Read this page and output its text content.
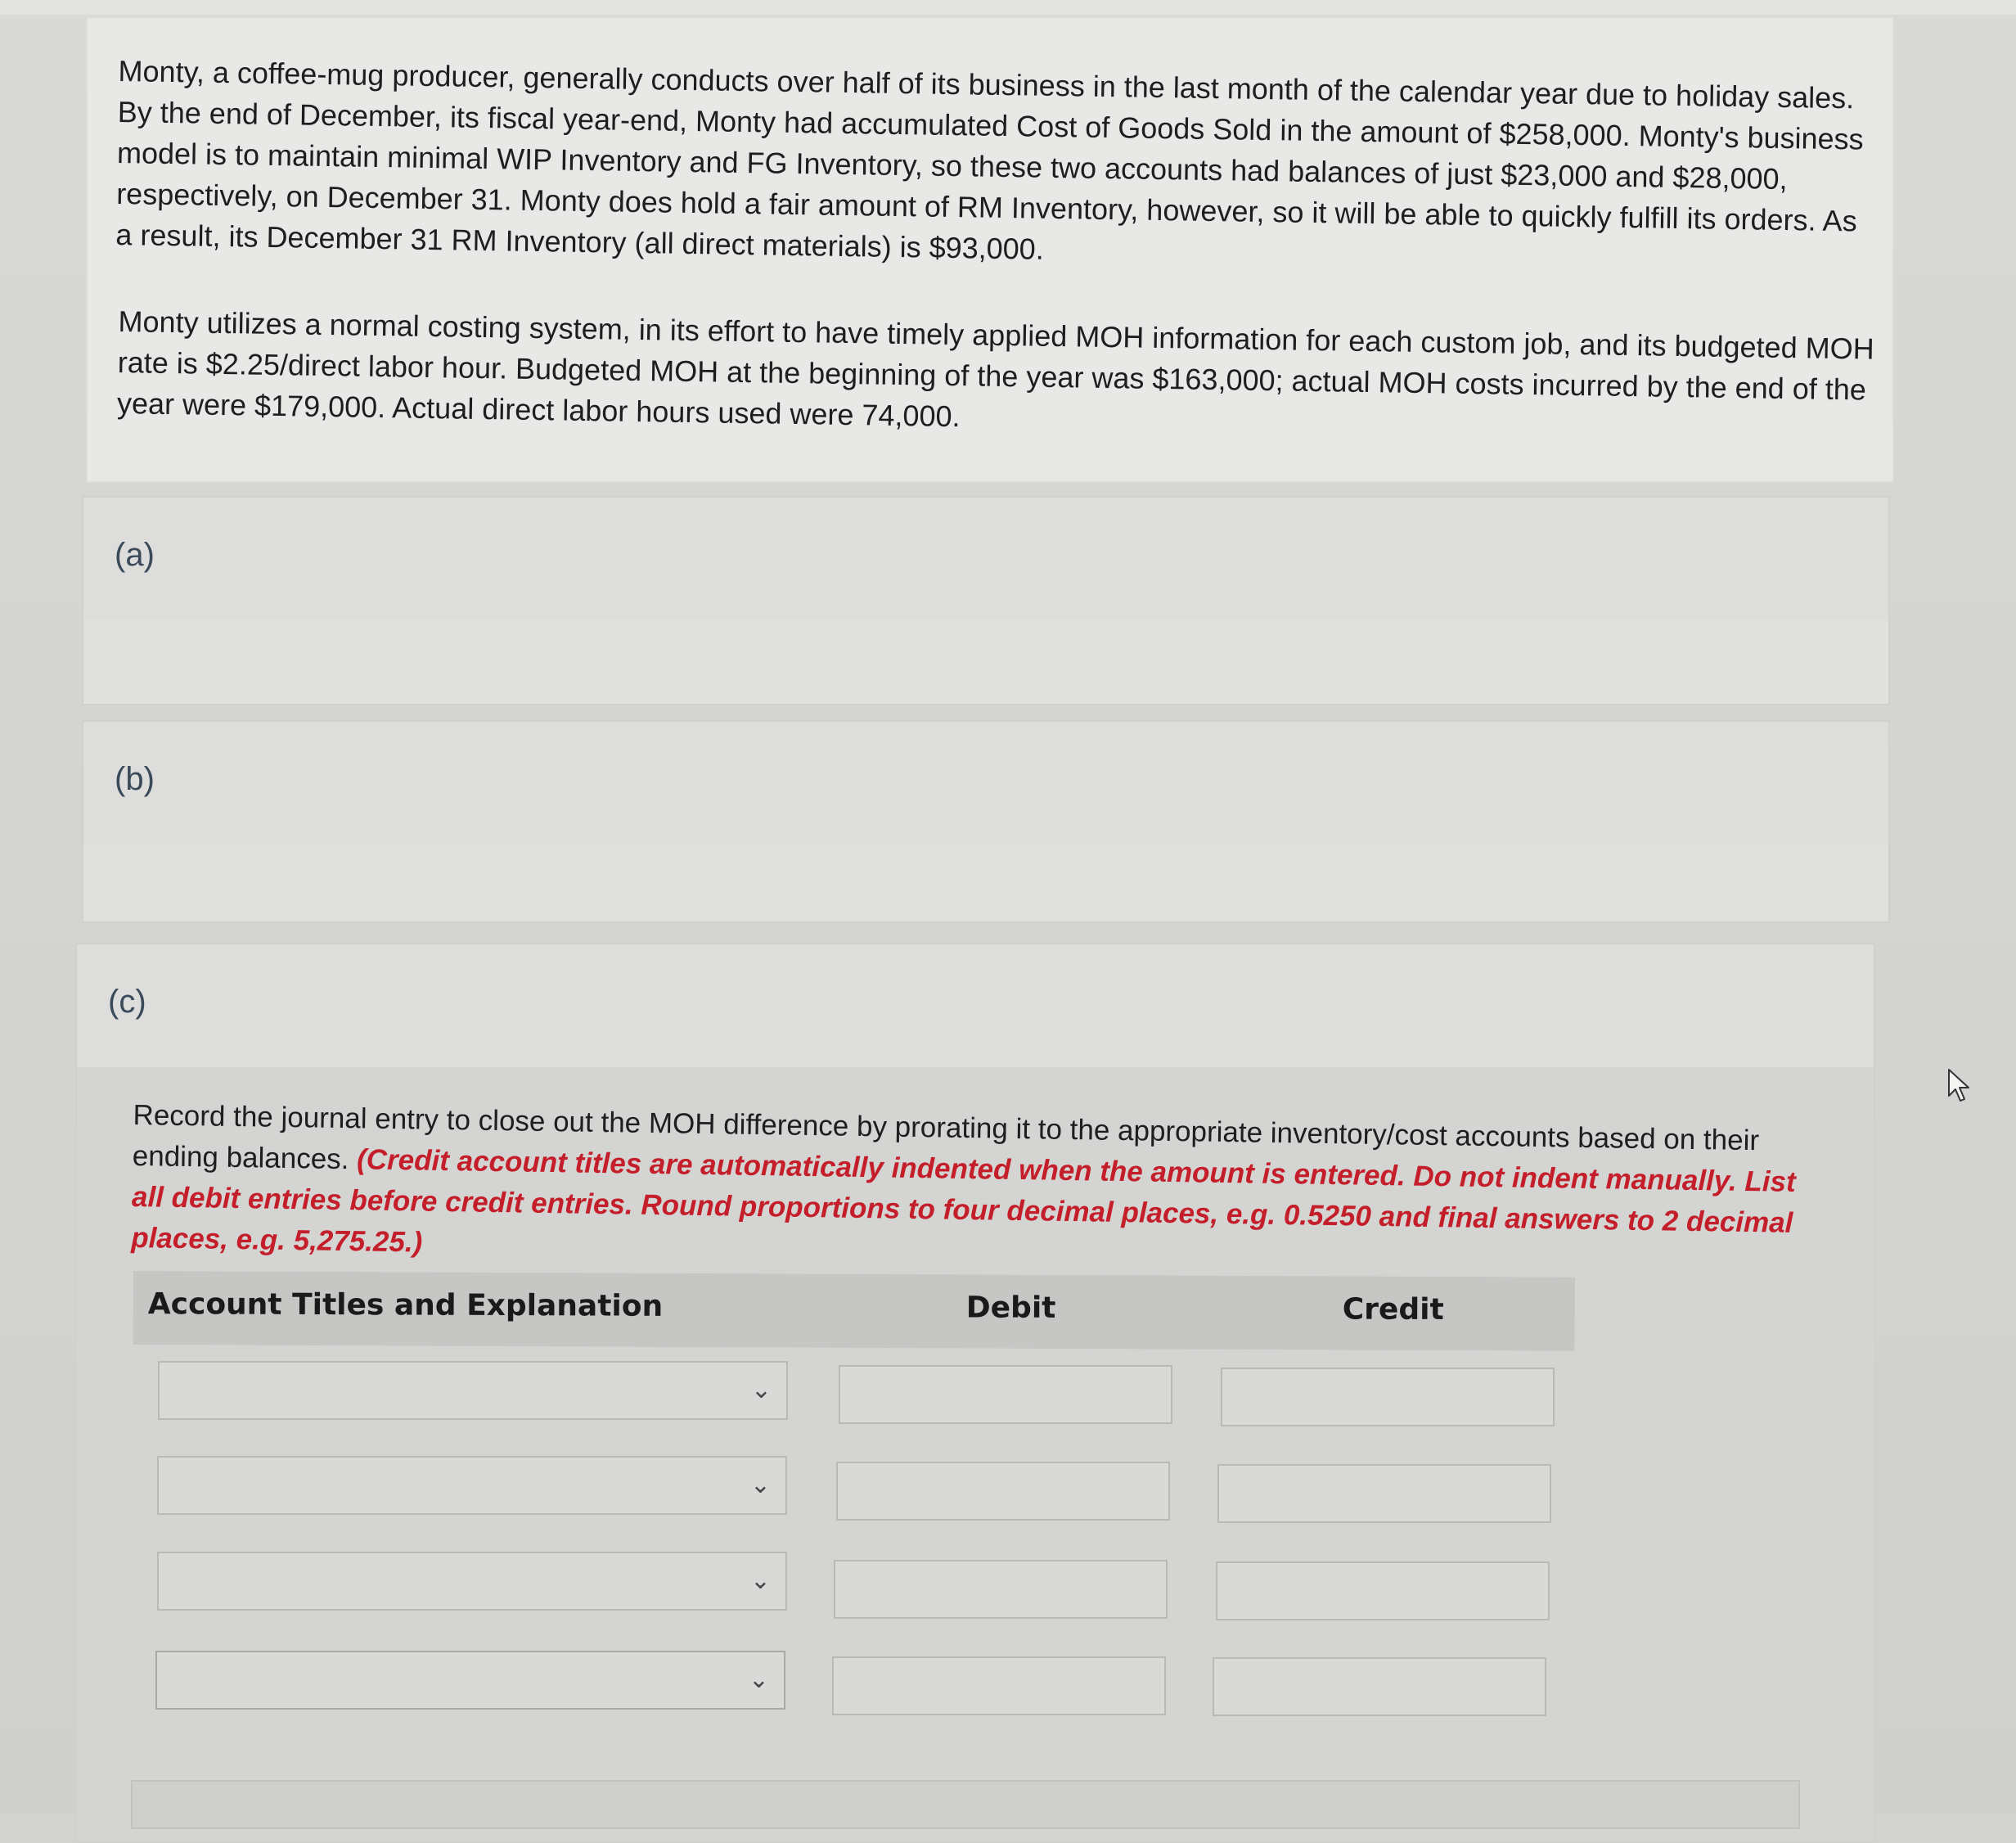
Monty, a coffee-mug producer, generally conducts over half of its business in the last month of the calendar year due to holiday sales. By the end of December, its fiscal year-end, Monty had accumulated Cost of Goods Sold in the amount of $258,000. Monty's business model is to maintain minimal WIP Inventory and FG Inventory, so these two accounts had balances of just $23,000 and $28,000, respectively, on December 31. Monty does hold a fair amount of RM Inventory, however, so it will be able to quickly fulfill its orders. As a result, its December 31 RM Inventory (all direct materials) is $93,000.

Monty utilizes a normal costing system, in its effort to have timely applied MOH information for each custom job, and its budgeted MOH rate is $2.25/direct labor hour. Budgeted MOH at the beginning of the year was $163,000; actual MOH costs incurred by the end of the year were $179,000. Actual direct labor hours used were 74,000.

(a)
(b)
(c)

Record the journal entry to close out the MOH difference by prorating it to the appropriate inventory/cost accounts based on their ending balances. (Credit account titles are automatically indented when the amount is entered. Do not indent manually. List all debit entries before credit entries. Round proportions to four decimal places, e.g. 0.5250 and final answers to 2 decimal places, e.g. 5,275.25.)

Account Titles and Explanation	Debit	Credit
⌄
⌄
⌄
⌄
